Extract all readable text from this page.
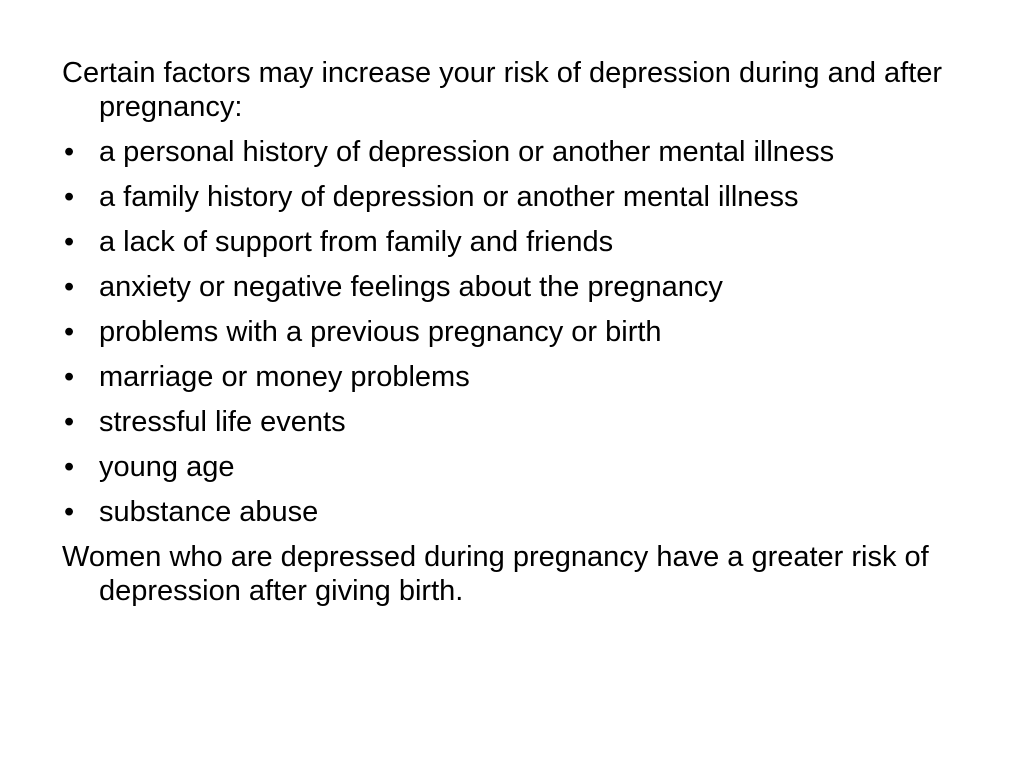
Certain factors may increase your risk of depression during and after pregnancy:

• a personal history of depression or another mental illness
• a family history of depression or another mental illness
• a lack of support from family and friends
• anxiety or negative feelings about the pregnancy
• problems with a previous pregnancy or birth
• marriage or money problems
• stressful life events
• young age
• substance abuse

Women who are depressed during pregnancy have a greater risk of depression after giving birth.
